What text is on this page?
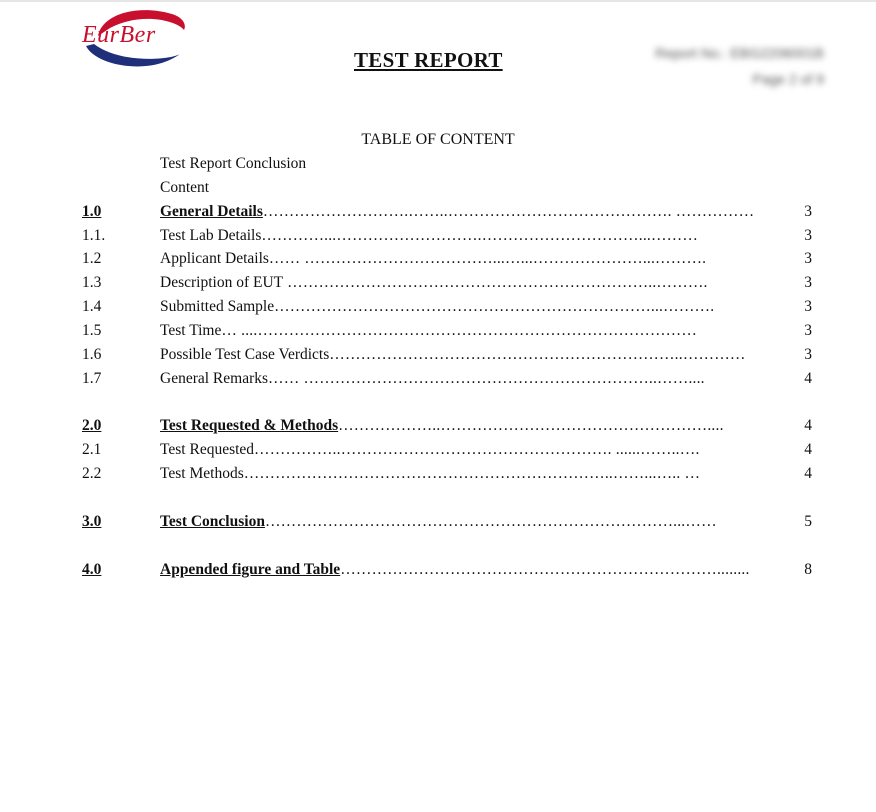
EurBer
TEST REPORT	Report No.: EBG2206001B
Page 2 of 9
TABLE OF CONTENT
Test Report Conclusion
Content
1.0	General Details……………………….……..……………………………………. ……………	3
1.1.	Test Lab Details…………...……………………….…………………………...………	3
1.2	Applicant Details…… ………………………………...…...…………………...……….	3
1.3	Description of EUT ……………………………………………………………..……….	3
1.4	Submitted Sample………………………………………………………………...……….	3
1.5	Test Time… ....…………………………………………………………………………	3
1.6	Possible Test Case Verdicts…………………………………………………………..…………	3
1.7	General Remarks…… …………………………………………………………..……....	4
2.0	Test Requested & Methods………………..……………………………………………....	4
2.1	Test Requested……………..……………………………………………. ......……..….	4
2.2	Test Methods……………………………………………………………..……...….. …	4
3.0	Test Conclusion……………………………………………………………………...……	5
4.0	Appended figure and Table………………………………………………………………........	8
